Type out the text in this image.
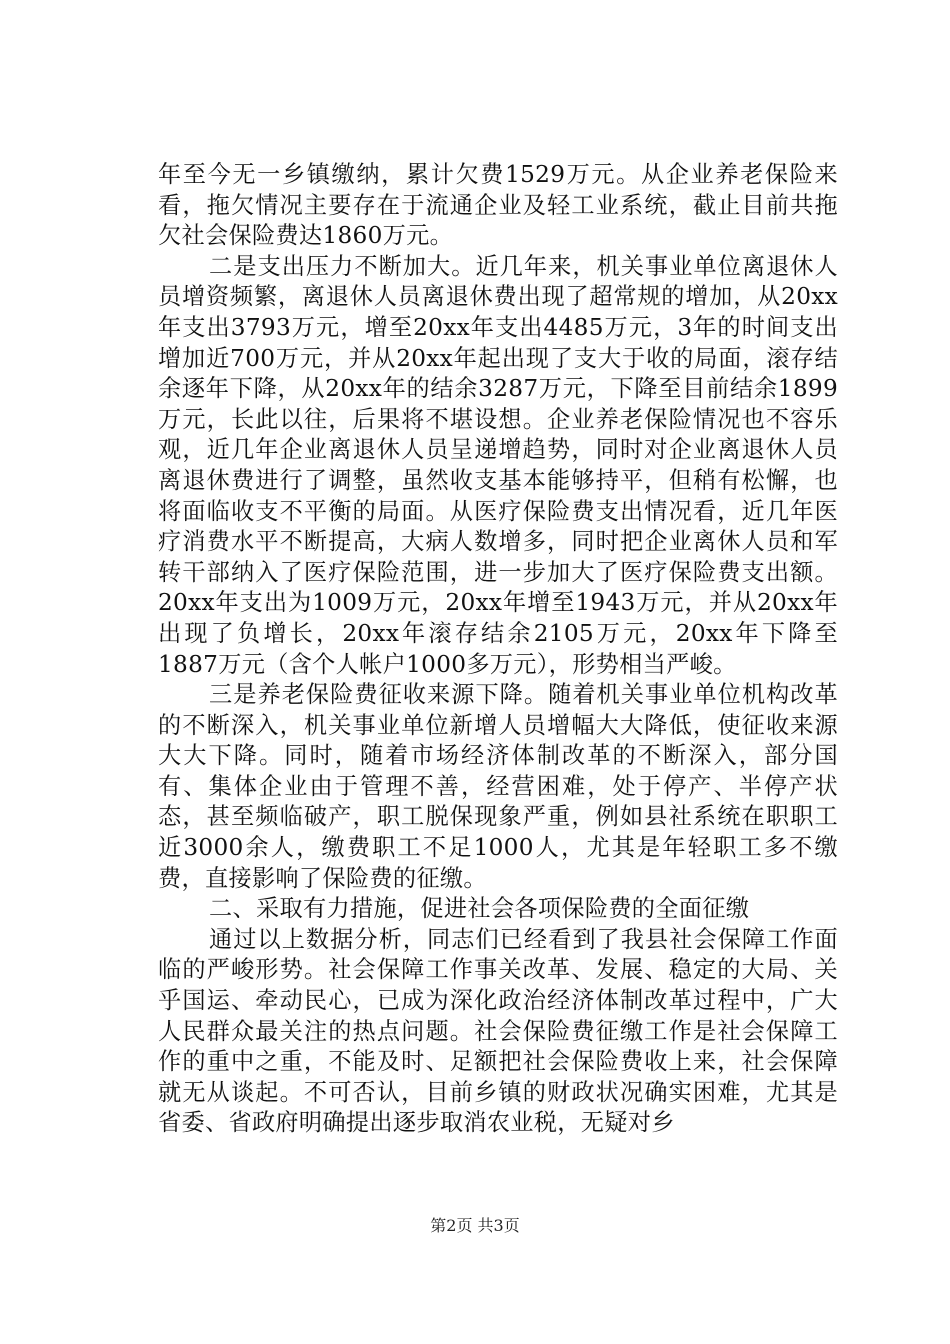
年至今无一乡镇缴纳，累计欠费1529万元。从企业养老保险来看，拖欠情况主要存在于流通企业及轻工业系统，截止目前共拖欠社会保险费达1860万元。

二是支出压力不断加大。近几年来，机关事业单位离退休人员增资频繁，离退休人员离退休费出现了超常规的增加，从20xx年支出3793万元，增至20xx年支出4485万元，3年的时间支出增加近700万元，并从20xx年起出现了支大于收的局面，滚存结余逐年下降，从20xx年的结余3287万元，下降至目前结余1899万元，长此以往，后果将不堪设想。企业养老保险情况也不容乐观，近几年企业离退休人员呈递增趋势，同时对企业离退休人员离退休费进行了调整，虽然收支基本能够持平，但稍有松懈，也将面临收支不平衡的局面。从医疗保险费支出情况看，近几年医疗消费水平不断提高，大病人数增多，同时把企业离休人员和军转干部纳入了医疗保险范围，进一步加大了医疗保险费支出额。20xx年支出为1009万元，20xx年增至1943万元，并从20xx年出现了负增长，20xx年滚存结余2105万元，20xx年下降至1887万元（含个人帐户1000多万元），形势相当严峻。

三是养老保险费征收来源下降。随着机关事业单位机构改革的不断深入，机关事业单位新增人员增幅大大降低，使征收来源大大下降。同时，随着市场经济体制改革的不断深入，部分国有、集体企业由于管理不善，经营困难，处于停产、半停产状态，甚至频临破产，职工脱保现象严重，例如县社系统在职职工近3000余人，缴费职工不足1000人，尤其是年轻职工多不缴费，直接影响了保险费的征缴。

二、采取有力措施，促进社会各项保险费的全面征缴

通过以上数据分析，同志们已经看到了我县社会保障工作面临的严峻形势。社会保障工作事关改革、发展、稳定的大局、关乎国运、牵动民心，已成为深化政治经济体制改革过程中，广大人民群众最关注的热点问题。社会保险费征缴工作是社会保障工作的重中之重，不能及时、足额把社会保险费收上来，社会保障就无从谈起。不可否认，目前乡镇的财政状况确实困难，尤其是省委、省政府明确提出逐步取消农业税，无疑对乡

第2页 共3页
